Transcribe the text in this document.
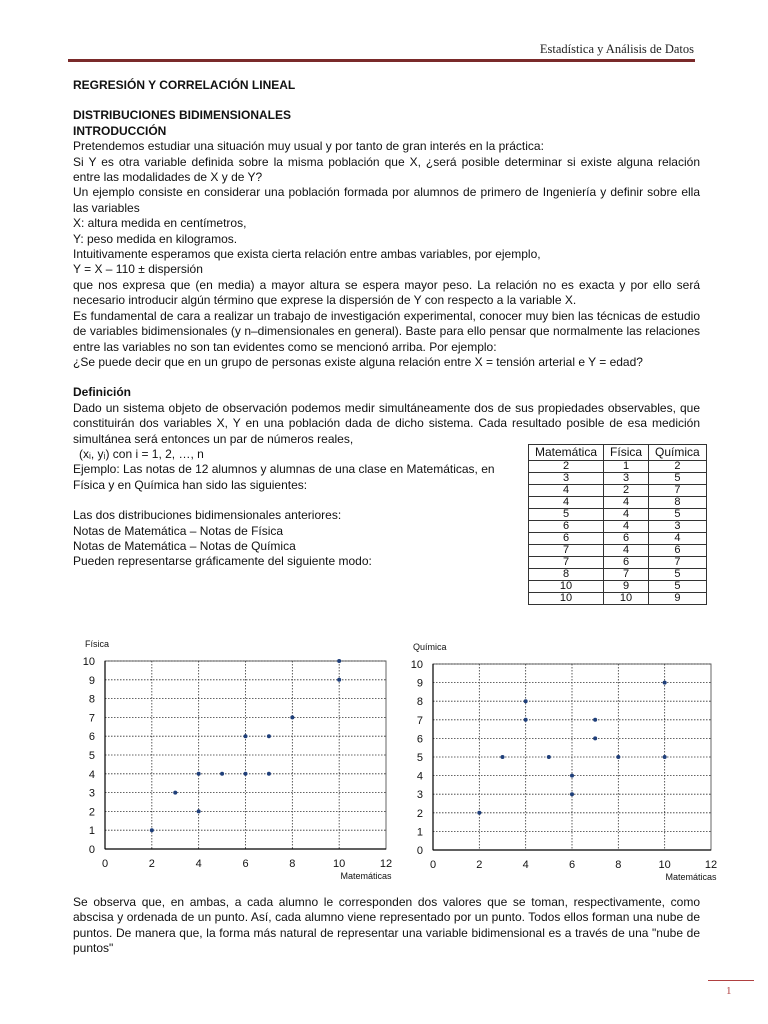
Estadística y Análisis de Datos

REGRESIÓN Y CORRELACIÓN LINEAL

DISTRIBUCIONES BIDIMENSIONALES

INTRODUCCIÓN

Pretendemos estudiar una situación muy usual y por tanto de gran interés en la práctica:

Si Y es otra variable definida sobre la misma población que X, ¿será posible determinar si existe alguna relación entre las modalidades de X y de Y?

Un ejemplo consiste en considerar una población formada por alumnos de primero de Ingeniería y definir sobre ella las variables

X: altura medida en centímetros,

Y: peso medida en kilogramos.

Intuitivamente esperamos que exista cierta relación entre ambas variables, por ejemplo,

Y = X – 110 ± dispersión

que nos expresa que (en media) a mayor altura se espera mayor peso. La relación no es exacta y por ello será necesario introducir algún término que exprese la dispersión de Y con respecto a la variable X.

Es fundamental de cara a realizar un trabajo de investigación experimental, conocer muy bien las técnicas de estudio de variables bidimensionales (y n–dimensionales en general). Baste para ello pensar que normalmente las relaciones entre las variables no son tan evidentes como se mencionó arriba. Por ejemplo:

¿Se puede decir que en un grupo de personas existe alguna relación entre X = tensión arterial e Y = edad?

Definición

Dado un sistema objeto de observación podemos medir simultáneamente dos de sus propiedades observables, que constituirán dos variables X, Y en una población dada de dicho sistema. Cada resultado posible de esa medición simultánea será entonces un par de números reales,

(xᵢ, yᵢ) con i = 1, 2, …, n

Ejemplo: Las notas de 12 alumnos y alumnas de una clase en Matemáticas, en Física y en Química han sido las siguientes:

Las dos distribuciones bidimensionales anteriores:

Notas de Matemática – Notas de Física

Notas de Matemática – Notas de Química

Pueden representarse gráficamente del siguiente modo:

Matemática	Física	Química
2	1	2
3	3	5
4	2	7
4	4	8
5	4	5
6	4	3
6	6	4
7	4	6
7	6	7
8	7	5
10	9	5
10	10	9
0
1
2
3
4
5
6
7
8
9
10
0	2	4	6	8	10	12
Física
Matemáticas
0
1
2
3
4
5
6
7
8
9
10
0	2	4	6	8	10	12
Química
Matemáticas
Se observa que, en ambas, a cada alumno le corresponden dos valores que se toman, respectivamente, como abscisa y ordenada de un punto. Así, cada alumno viene representado por un punto. Todos ellos forman una nube de puntos. De manera que, la forma más natural de representar una variable bidimensional es a través de una "nube de puntos"
1
